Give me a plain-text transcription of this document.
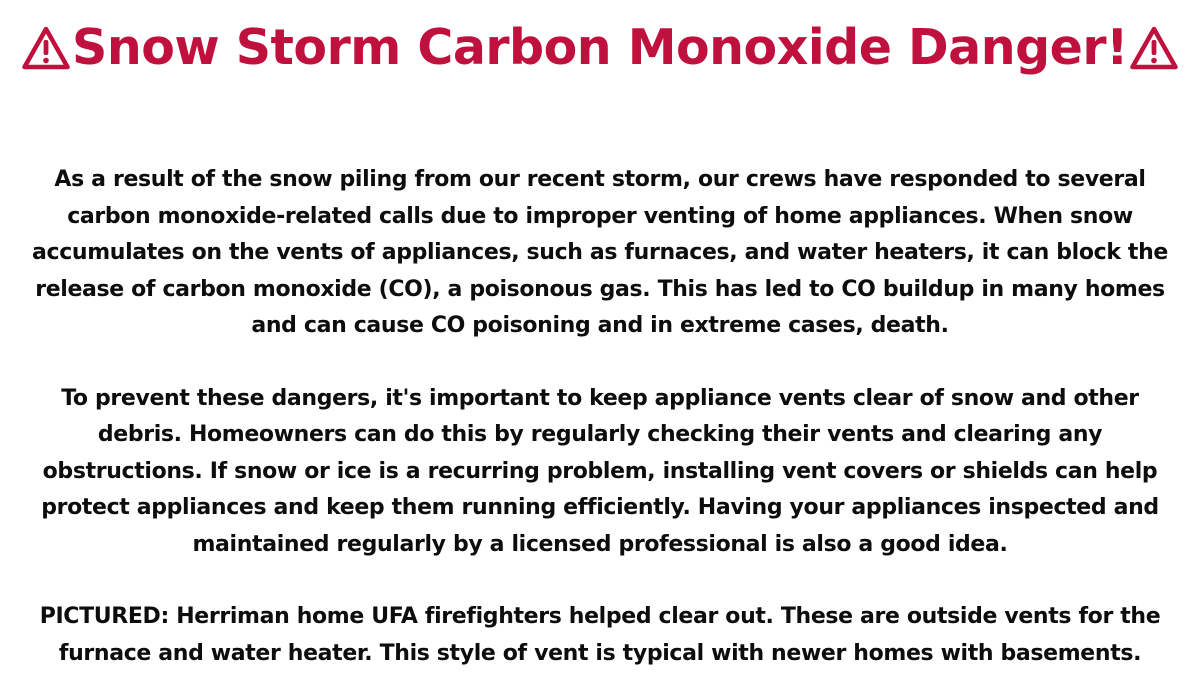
Snow Storm Carbon Monoxide Danger!

As a result of the snow piling from our recent storm, our crews have responded to several
carbon monoxide-related calls due to improper venting of home appliances. When snow
accumulates on the vents of appliances, such as furnaces, and water heaters, it can block the
release of carbon monoxide (CO), a poisonous gas. This has led to CO buildup in many homes
and can cause CO poisoning and in extreme cases, death.

To prevent these dangers, it's important to keep appliance vents clear of snow and other
debris. Homeowners can do this by regularly checking their vents and clearing any
obstructions. If snow or ice is a recurring problem, installing vent covers or shields can help
protect appliances and keep them running efficiently. Having your appliances inspected and
maintained regularly by a licensed professional is also a good idea.

PICTURED: Herriman home UFA firefighters helped clear out. These are outside vents for the
furnace and water heater. This style of vent is typical with newer homes with basements.
